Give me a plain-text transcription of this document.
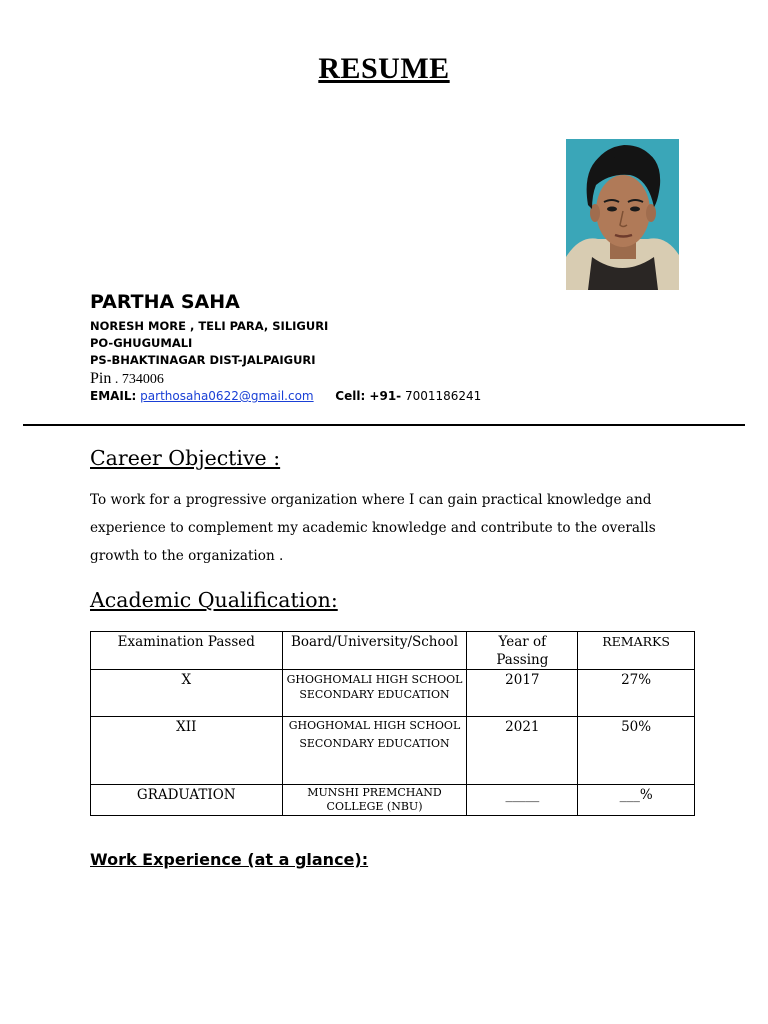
RESUME
PARTHA SAHA
NORESH MORE , TELI PARA, SILIGURI
PO-GHUGUMALI
PS-BHAKTINAGAR DIST-JALPAIGURI
Pin . 734006
EMAIL: parthosaha0622@gmail.com Cell: +91- 7001186241
Career Objective :
To work for a progressive organization where I can gain practical knowledge and experience to complement my academic knowledge and contribute to the overalls growth to the organization .
Academic Qualification:
Examination Passed	Board/University/School	Year of Passing	REMARKS
X	GHOGHOMALI HIGH SCHOOL SECONDARY EDUCATION	2017	27%
XII	GHOGHOMAL HIGH SCHOOL SECONDARY EDUCATION	2021	50%
GRADUATION	MUNSHI PREMCHAND COLLEGE (NBU)	_____	___%
Work Experience (at a glance):
